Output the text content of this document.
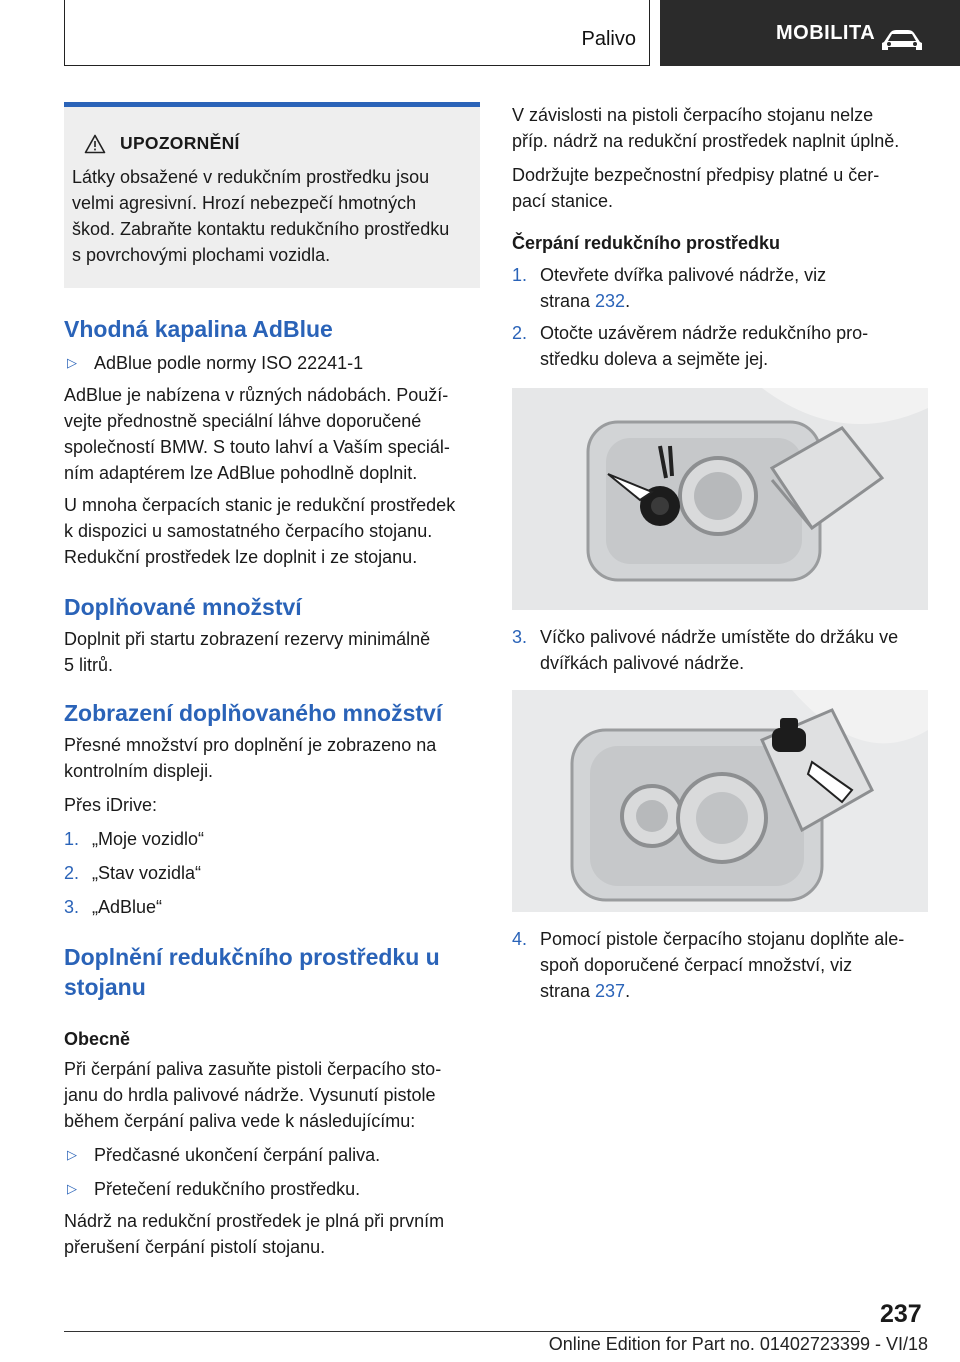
Palivo	MOBILITA
UPOZORNĚNÍ
Látky obsažené v redukčním prostředku jsou
velmi agresivní. Hrozí nebezpečí hmotných
škod. Zabraňte kontaktu redukčního prostředku
s povrchovými plochami vozidla.
Vhodná kapalina AdBlue
▷ AdBlue podle normy ISO 22241-1

AdBlue je nabízena v různých nádobách. Použí-
vejte přednostně speciální láhve doporučené
společností BMW. S touto lahví a Vaším speciál-
ním adaptérem lze AdBlue pohodlně doplnit.

U mnoha čerpacích stanic je redukční prostředek
k dispozici u samostatného čerpacího stojanu.
Redukční prostředek lze doplnit i ze stojanu.

Doplňované množství

Doplnit při startu zobrazení rezervy minimálně
5 litrů.

Zobrazení doplňovaného množství

Přesné množství pro doplnění je zobrazeno na
kontrolním displeji.

Přes iDrive:

1. „Moje vozidlo“
2. „Stav vozidla“
3. „AdBlue“
Doplnění redukčního prostředku u
stojanu
Obecně

Při čerpání paliva zasuňte pistoli čerpacího sto-
janu do hrdla palivové nádrže. Vysunutí pistole
během čerpání paliva vede k následujícímu:

▷ Předčasné ukončení čerpání paliva.
▷ Přetečení redukčního prostředku.

Nádrž na redukční prostředek je plná při prvním
přerušení čerpání pistolí stojanu.

V závislosti na pistoli čerpacího stojanu nelze
příp. nádrž na redukční prostředek naplnit úplně.

Dodržujte bezpečnostní předpisy platné u čer-
pací stanice.

Čerpání redukčního prostředku
1. Otevřete dvířka palivové nádrže, viz
strana 232.
2. Otočte uzávěrem nádrže redukčního pro-
středku doleva a sejměte jej.
3. Víčko palivové nádrže umístěte do držáku ve
dvířkách palivové nádrže.
4. Pomocí pistole čerpacího stojanu doplňte ale-
spoň doporučené čerpací množství, viz
strana 237.
237
Online Edition for Part no. 01402723399 - VI/18
